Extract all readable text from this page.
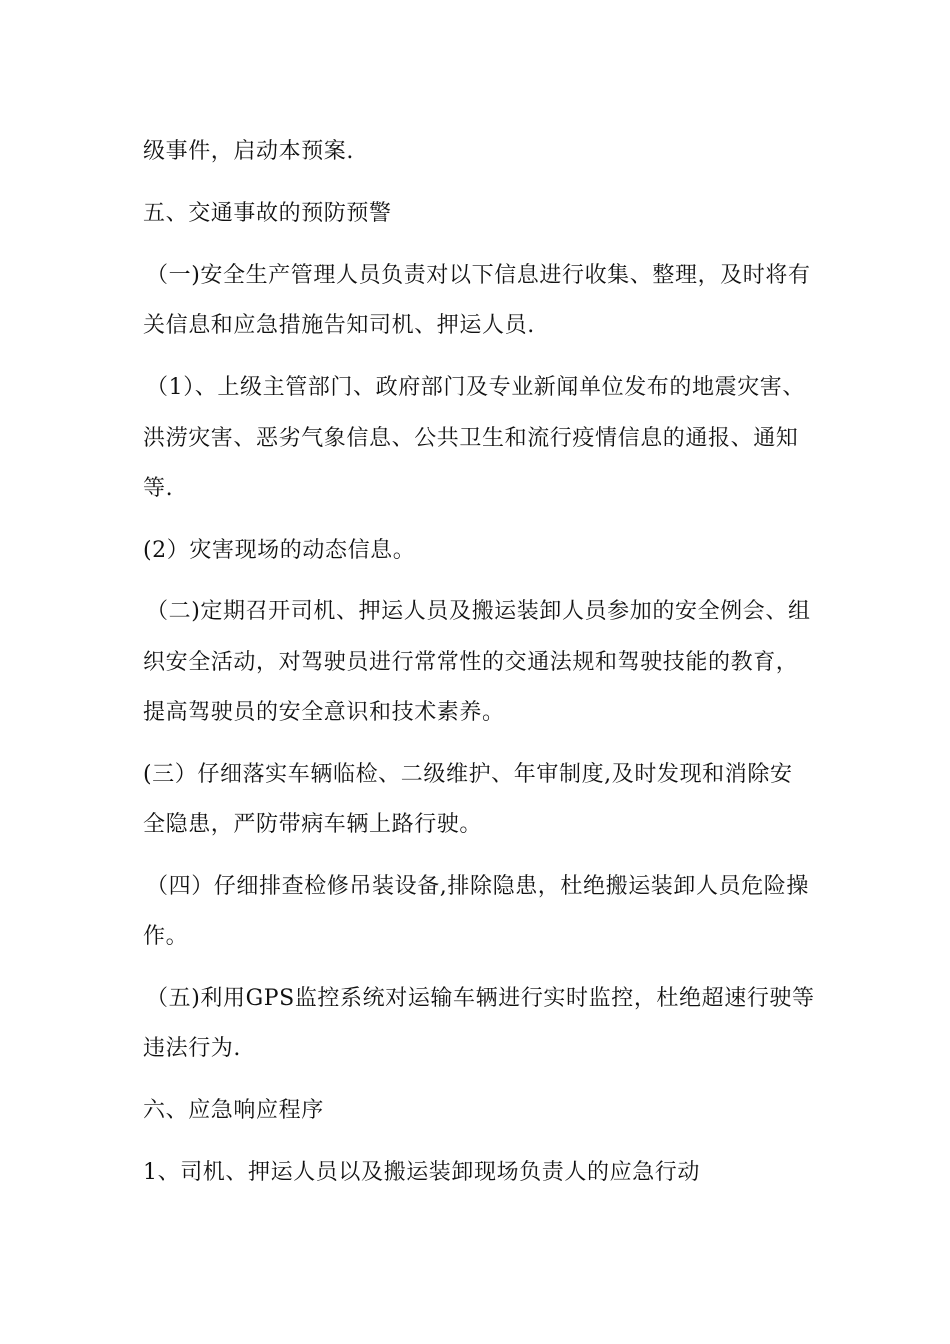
级事件，启动本预案.
五、交通事故的预防预警
（一)安全生产管理人员负责对以下信息进行收集、整理，及时将有
关信息和应急措施告知司机、押运人员.
（1）、上级主管部门、政府部门及专业新闻单位发布的地震灾害、
洪涝灾害、恶劣气象信息、公共卫生和流行疫情信息的通报、通知
等.
(2）灾害现场的动态信息。
（二)定期召开司机、押运人员及搬运装卸人员参加的安全例会、组
织安全活动，对驾驶员进行常常性的交通法规和驾驶技能的教育，
提高驾驶员的安全意识和技术素养。
(三）仔细落实车辆临检、二级维护、年审制度,及时发现和消除安
全隐患，严防带病车辆上路行驶。
（四）仔细排查检修吊装设备,排除隐患，杜绝搬运装卸人员危险操
作。
（五)利用GPS监控系统对运输车辆进行实时监控，杜绝超速行驶等
违法行为.
六、应急响应程序
1、司机、押运人员以及搬运装卸现场负责人的应急行动
